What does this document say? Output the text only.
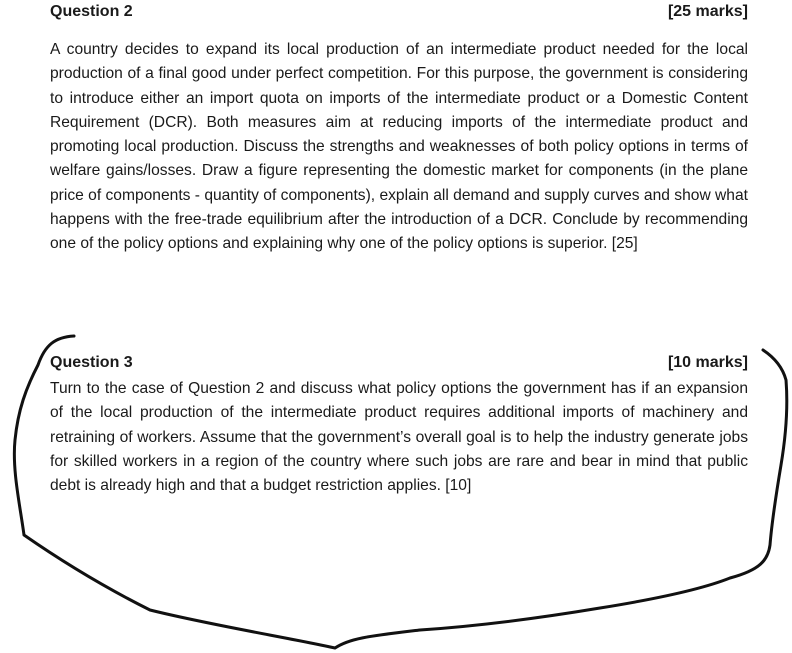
Question 2	[25 marks]
A country decides to expand its local production of an intermediate product needed for the local production of a final good under perfect competition. For this purpose, the government is considering to introduce either an import quota on imports of the intermediate product or a Domestic Content Requirement (DCR). Both measures aim at reducing imports of the intermediate product and promoting local production. Discuss the strengths and weaknesses of both policy options in terms of welfare gains/losses. Draw a figure representing the domestic market for components (in the plane price of components - quantity of components), explain all demand and supply curves and show what happens with the free-trade equilibrium after the introduction of a DCR. Conclude by recommending one of the policy options and explaining why one of the policy options is superior. [25]
Question 3	[10 marks]
Turn to the case of Question 2 and discuss what policy options the government has if an expansion of the local production of the intermediate product requires additional imports of machinery and retraining of workers. Assume that the government’s overall goal is to help the industry generate jobs for skilled workers in a region of the country where such jobs are rare and bear in mind that public debt is already high and that a budget restriction applies. [10]
